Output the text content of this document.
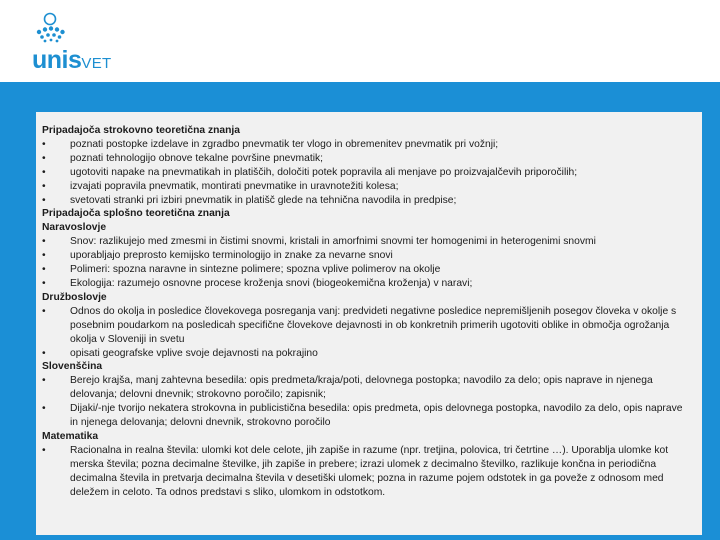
unisVET
Pripadajoča strokovno teoretična znanja
• poznati postopke izdelave in zgradbo pnevmatik ter vlogo in obremenitev pnevmatik pri vožnji;
• poznati tehnologijo obnove tekalne površine pnevmatik;
• ugotoviti napake na pnevmatikah in platiščih, določiti potek popravila ali menjave po proizvajalčevih priporočilih;
• izvajati popravila pnevmatik, montirati pnevmatike in uravnotežiti kolesa;
• svetovati stranki pri izbiri pnevmatik in platišč glede na tehnična navodila in predpise;
Pripadajoča splošno teoretična znanja
Naravoslovje
• Snov: razlikujejo med zmesmi in čistimi snovmi, kristali in amorfnimi snovmi ter homogenimi in heterogenimi snovmi
• uporabljajo preprosto kemijsko terminologijo in znake za nevarne snovi
• Polimeri: spozna naravne in sintezne polimere; spozna vplive polimerov na okolje
• Ekologija: razumejo osnovne procese kroženja snovi (biogeokemična kroženja) v naravi;
Družboslovje
• Odnos do okolja in posledice človekovega posreganja vanj: predvideti negativne posledice nepremišljenih posegov človeka v okolje s posebnim poudarkom na posledicah specifične človekove dejavnosti in ob konkretnih primerih ugotoviti oblike in območja ogrožanja okolja v Sloveniji in svetu
• opisati geografske vplive svoje dejavnosti na pokrajino
Slovenščina
• Berejo krajša, manj zahtevna besedila: opis predmeta/kraja/poti, delovnega postopka; navodilo za delo; opis naprave in njenega delovanja; delovni dnevnik; strokovno poročilo; zapisnik;
• Dijaki/-nje tvorijo nekatera strokovna in publicistična besedila: opis predmeta, opis delovnega postopka, navodilo za delo, opis naprave in njenega delovanja; delovni dnevnik, strokovno poročilo
Matematika
• Racionalna in realna števila: ulomki kot dele celote, jih zapiše in razume (npr. tretjina, polovica, tri četrtine …). Uporablja ulomke kot merska števila; pozna decimalne številke, jih zapiše in prebere; izrazi ulomek z decimalno številko, razlikuje končna in periodična decimalna števila in pretvarja decimalna števila v desetiški ulomek; pozna in razume pojem odstotek in ga poveže z odnosom med deležem in celoto. Ta odnos predstavi s sliko, ulomkom in odstotkom.
